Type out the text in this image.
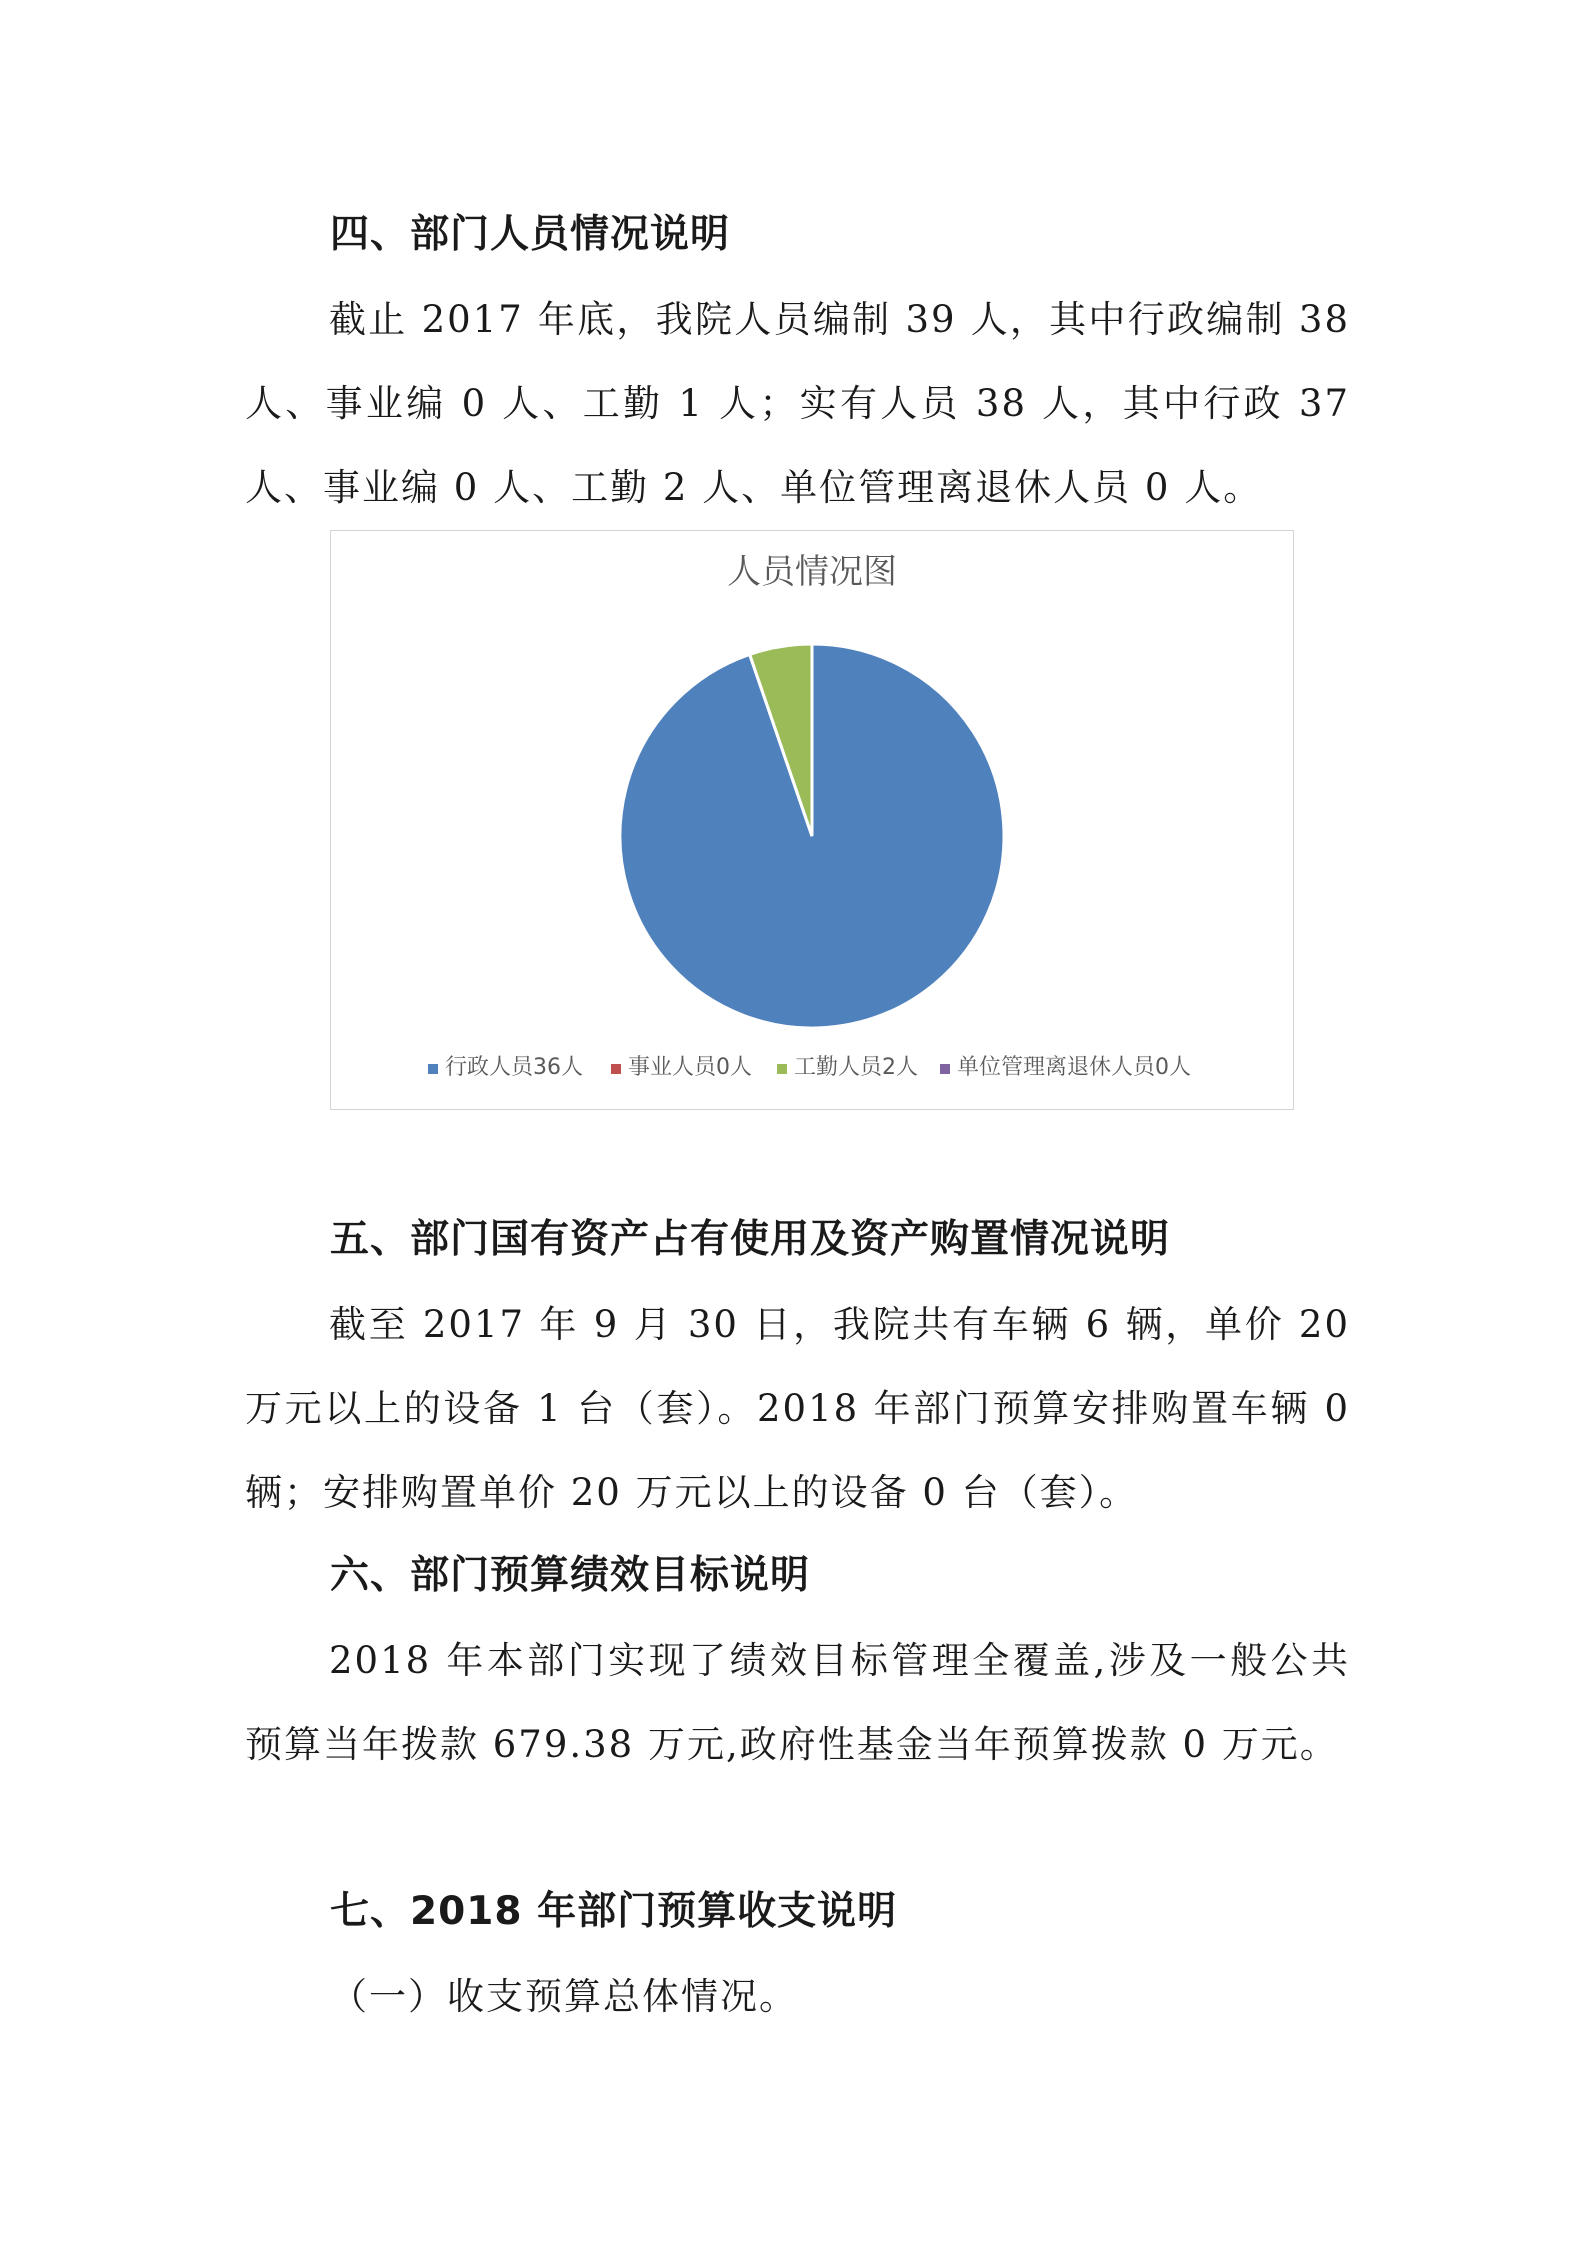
四、部门人员情况说明

截止 2017 年底，我院人员编制 39 人，其中行政编制 38 人、事业编 0 人、工勤 1 人；实有人员 38 人，其中行政 37 人、事业编 0 人、工勤 2 人、单位管理离退休人员 0 人。

人员情况图
行政人员36人 事业人员0人 工勤人员2人 单位管理离退休人员0人
五、部门国有资产占有使用及资产购置情况说明

截至 2017 年 9 月 30 日，我院共有车辆 6 辆，单价 20 万元以上的设备 1 台（套）。2018 年部门预算安排购置车辆 0 辆；安排购置单价 20 万元以上的设备 0 台（套）。

六、部门预算绩效目标说明

2018 年本部门实现了绩效目标管理全覆盖,涉及一般公共预算当年拨款 679.38 万元,政府性基金当年预算拨款 0 万元。

七、2018 年部门预算收支说明

（一）收支预算总体情况。
